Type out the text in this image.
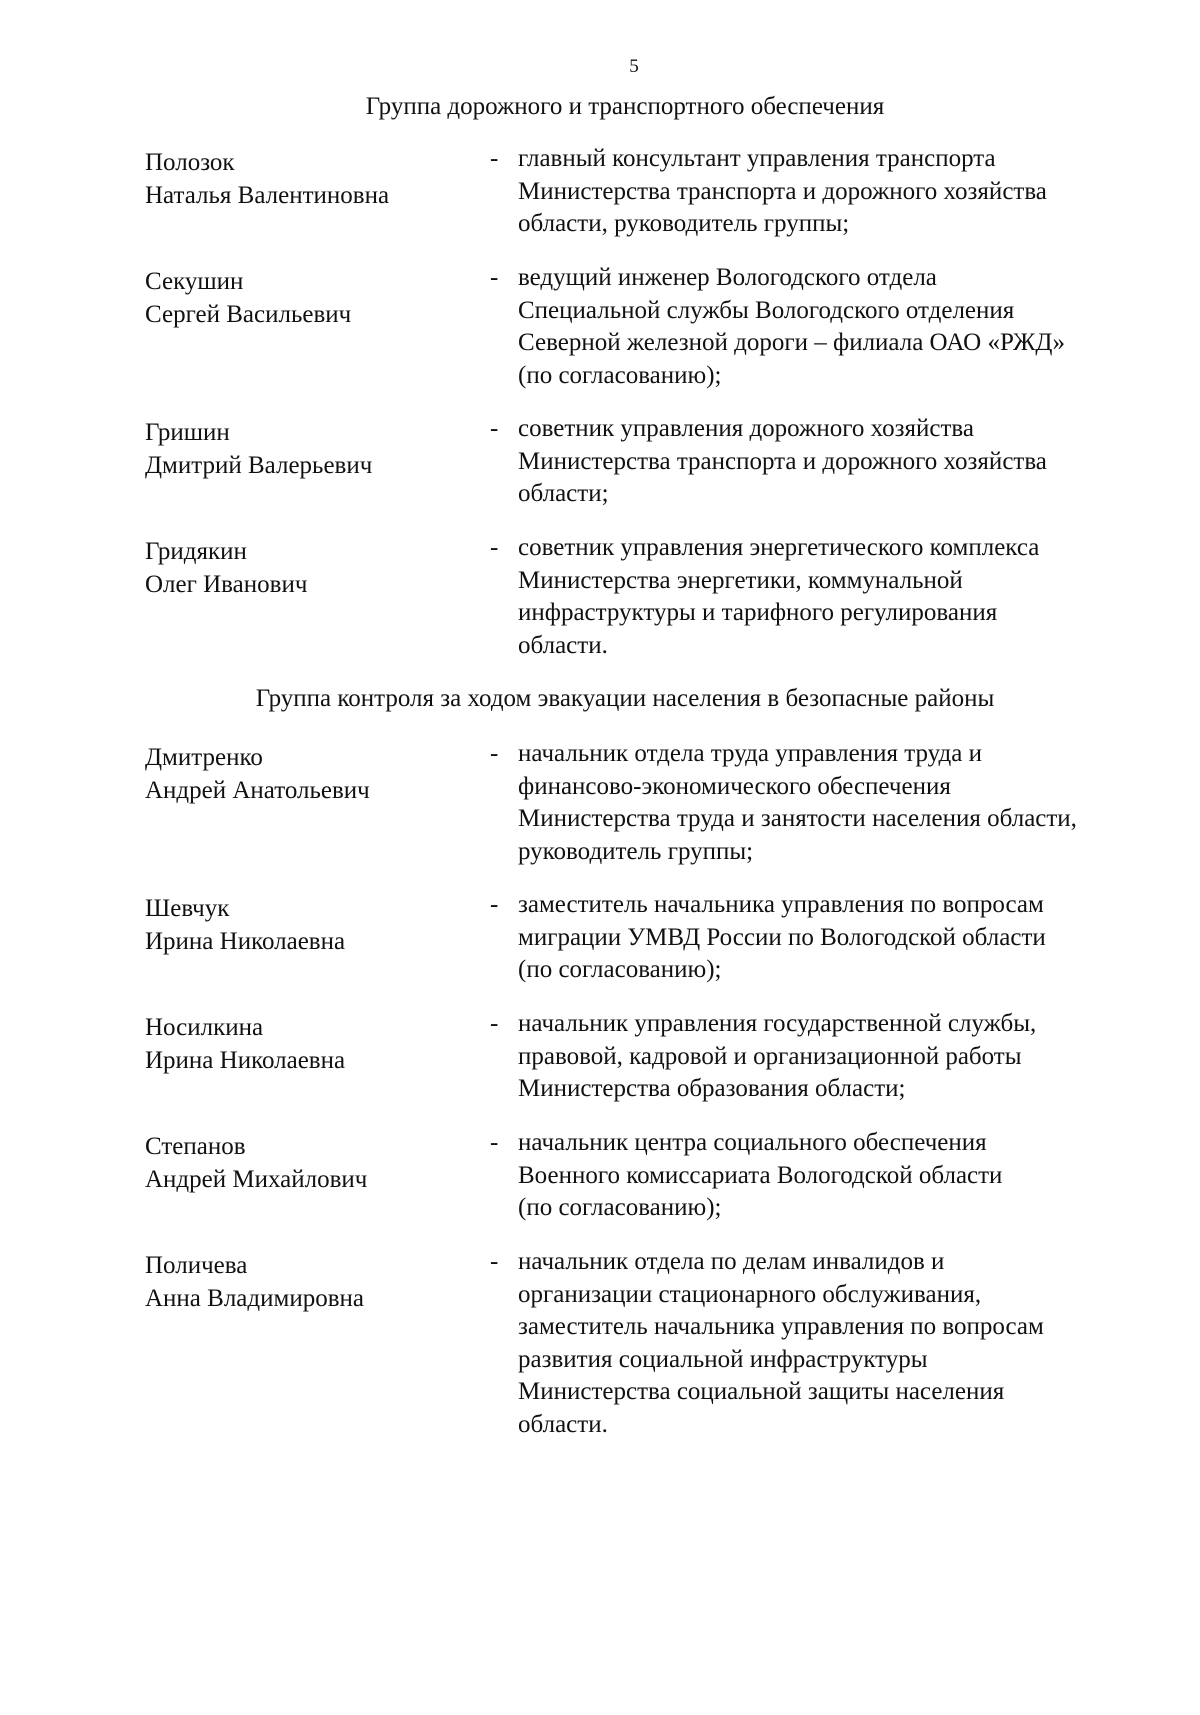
5
Группа дорожного и транспортного обеспечения
Полозок
Наталья Валентиновна
- главный консультант управления транспорта
Министерства транспорта и дорожного хозяйства
области, руководитель группы;
Секушин
Сергей Васильевич
- ведущий инженер Вологодского отдела
Специальной службы Вологодского отделения
Северной железной дороги – филиала ОАО «РЖД»
(по согласованию);
Гришин
Дмитрий Валерьевич
- советник управления дорожного хозяйства
Министерства транспорта и дорожного хозяйства
области;
Гридякин
Олег Иванович
- советник управления энергетического комплекса
Министерства энергетики, коммунальной
инфраструктуры и тарифного регулирования
области.
Группа контроля за ходом эвакуации населения в безопасные районы
Дмитренко
Андрей Анатольевич
- начальник отдела труда управления труда и
финансово-экономического обеспечения
Министерства труда и занятости населения области,
руководитель группы;
Шевчук
Ирина Николаевна
- заместитель начальника управления по вопросам
миграции УМВД России по Вологодской области
(по согласованию);
Носилкина
Ирина Николаевна
- начальник управления государственной службы,
правовой, кадровой и организационной работы
Министерства образования области;
Степанов
Андрей Михайлович
- начальник центра социального обеспечения
Военного комиссариата Вологодской области
(по согласованию);
Поличева
Анна Владимировна
- начальник отдела по делам инвалидов и
организации стационарного обслуживания,
заместитель начальника управления по вопросам
развития социальной инфраструктуры
Министерства социальной защиты населения
области.
